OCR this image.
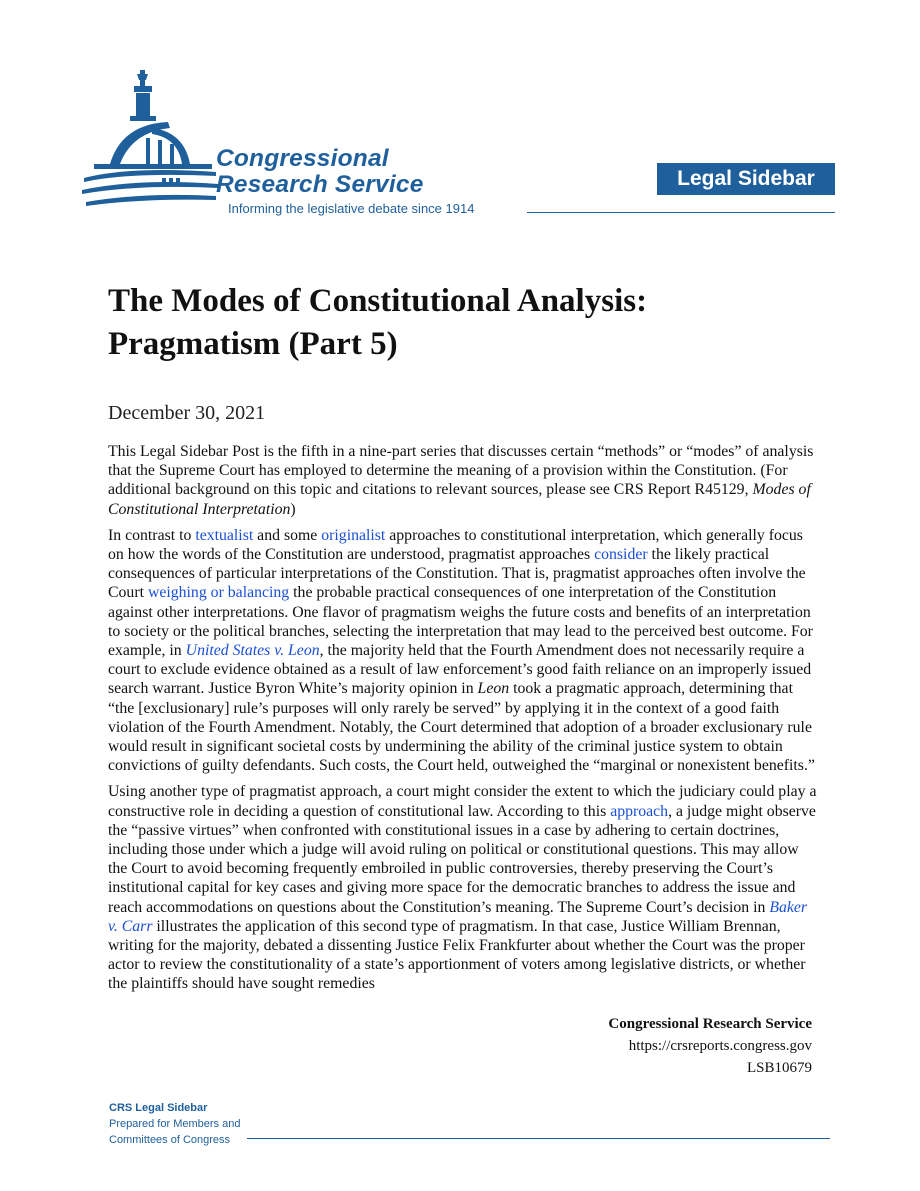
Congressional
Research Service
Informing the legislative debate since 1914
Legal Sidebar
The Modes of Constitutional Analysis:
Pragmatism (Part 5)
December 30, 2021

This Legal Sidebar Post is the fifth in a nine-part series that discusses certain “methods” or “modes” of analysis that the Supreme Court has employed to determine the meaning of a provision within the Constitution. (For additional background on this topic and citations to relevant sources, please see CRS Report R45129, Modes of Constitutional Interpretation)

In contrast to textualist and some originalist approaches to constitutional interpretation, which generally focus on how the words of the Constitution are understood, pragmatist approaches consider the likely practical consequences of particular interpretations of the Constitution. That is, pragmatist approaches often involve the Court weighing or balancing the probable practical consequences of one interpretation of the Constitution against other interpretations. One flavor of pragmatism weighs the future costs and benefits of an interpretation to society or the political branches, selecting the interpretation that may lead to the perceived best outcome. For example, in United States v. Leon, the majority held that the Fourth Amendment does not necessarily require a court to exclude evidence obtained as a result of law enforcement’s good faith reliance on an improperly issued search warrant. Justice Byron White’s majority opinion in Leon took a pragmatic approach, determining that “the [exclusionary] rule’s purposes will only rarely be served” by applying it in the context of a good faith violation of the Fourth Amendment. Notably, the Court determined that adoption of a broader exclusionary rule would result in significant societal costs by undermining the ability of the criminal justice system to obtain convictions of guilty defendants. Such costs, the Court held, outweighed the “marginal or nonexistent benefits.”

Using another type of pragmatist approach, a court might consider the extent to which the judiciary could play a constructive role in deciding a question of constitutional law. According to this approach, a judge might observe the “passive virtues” when confronted with constitutional issues in a case by adhering to certain doctrines, including those under which a judge will avoid ruling on political or constitutional questions. This may allow the Court to avoid becoming frequently embroiled in public controversies, thereby preserving the Court’s institutional capital for key cases and giving more space for the democratic branches to address the issue and reach accommodations on questions about the Constitution’s meaning. The Supreme Court’s decision in Baker v. Carr illustrates the application of this second type of pragmatism. In that case, Justice William Brennan, writing for the majority, debated a dissenting Justice Felix Frankfurter about whether the Court was the proper actor to review the constitutionality of a state’s apportionment of voters among legislative districts, or whether the plaintiffs should have sought remedies

Congressional Research Service
https://crsreports.congress.gov
LSB10679
CRS Legal Sidebar
Prepared for Members and
Committees of Congress
